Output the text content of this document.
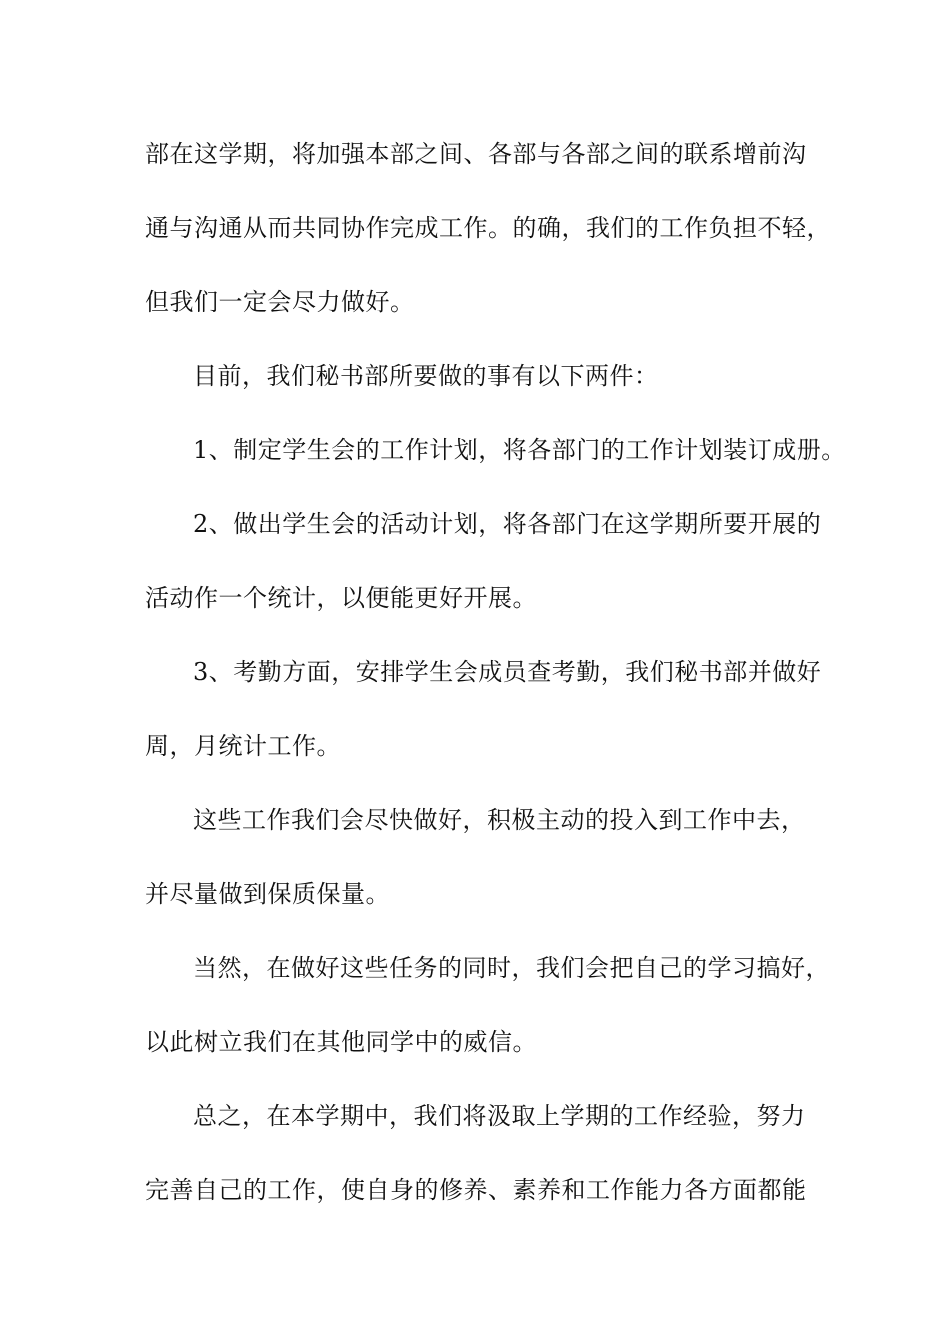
部在这学期，将加强本部之间、各部与各部之间的联系增前沟
通与沟通从而共同协作完成工作。的确，我们的工作负担不轻，
但我们一定会尽力做好。
目前，我们秘书部所要做的事有以下两件：
1、制定学生会的工作计划，将各部门的工作计划装订成册。
2、做出学生会的活动计划，将各部门在这学期所要开展的
活动作一个统计，以便能更好开展。
3、考勤方面，安排学生会成员查考勤，我们秘书部并做好
周，月统计工作。
这些工作我们会尽快做好，积极主动的投入到工作中去，
并尽量做到保质保量。
当然，在做好这些任务的同时，我们会把自己的学习搞好，
以此树立我们在其他同学中的威信。
总之，在本学期中，我们将汲取上学期的工作经验，努力
完善自己的工作，使自身的修养、素养和工作能力各方面都能
